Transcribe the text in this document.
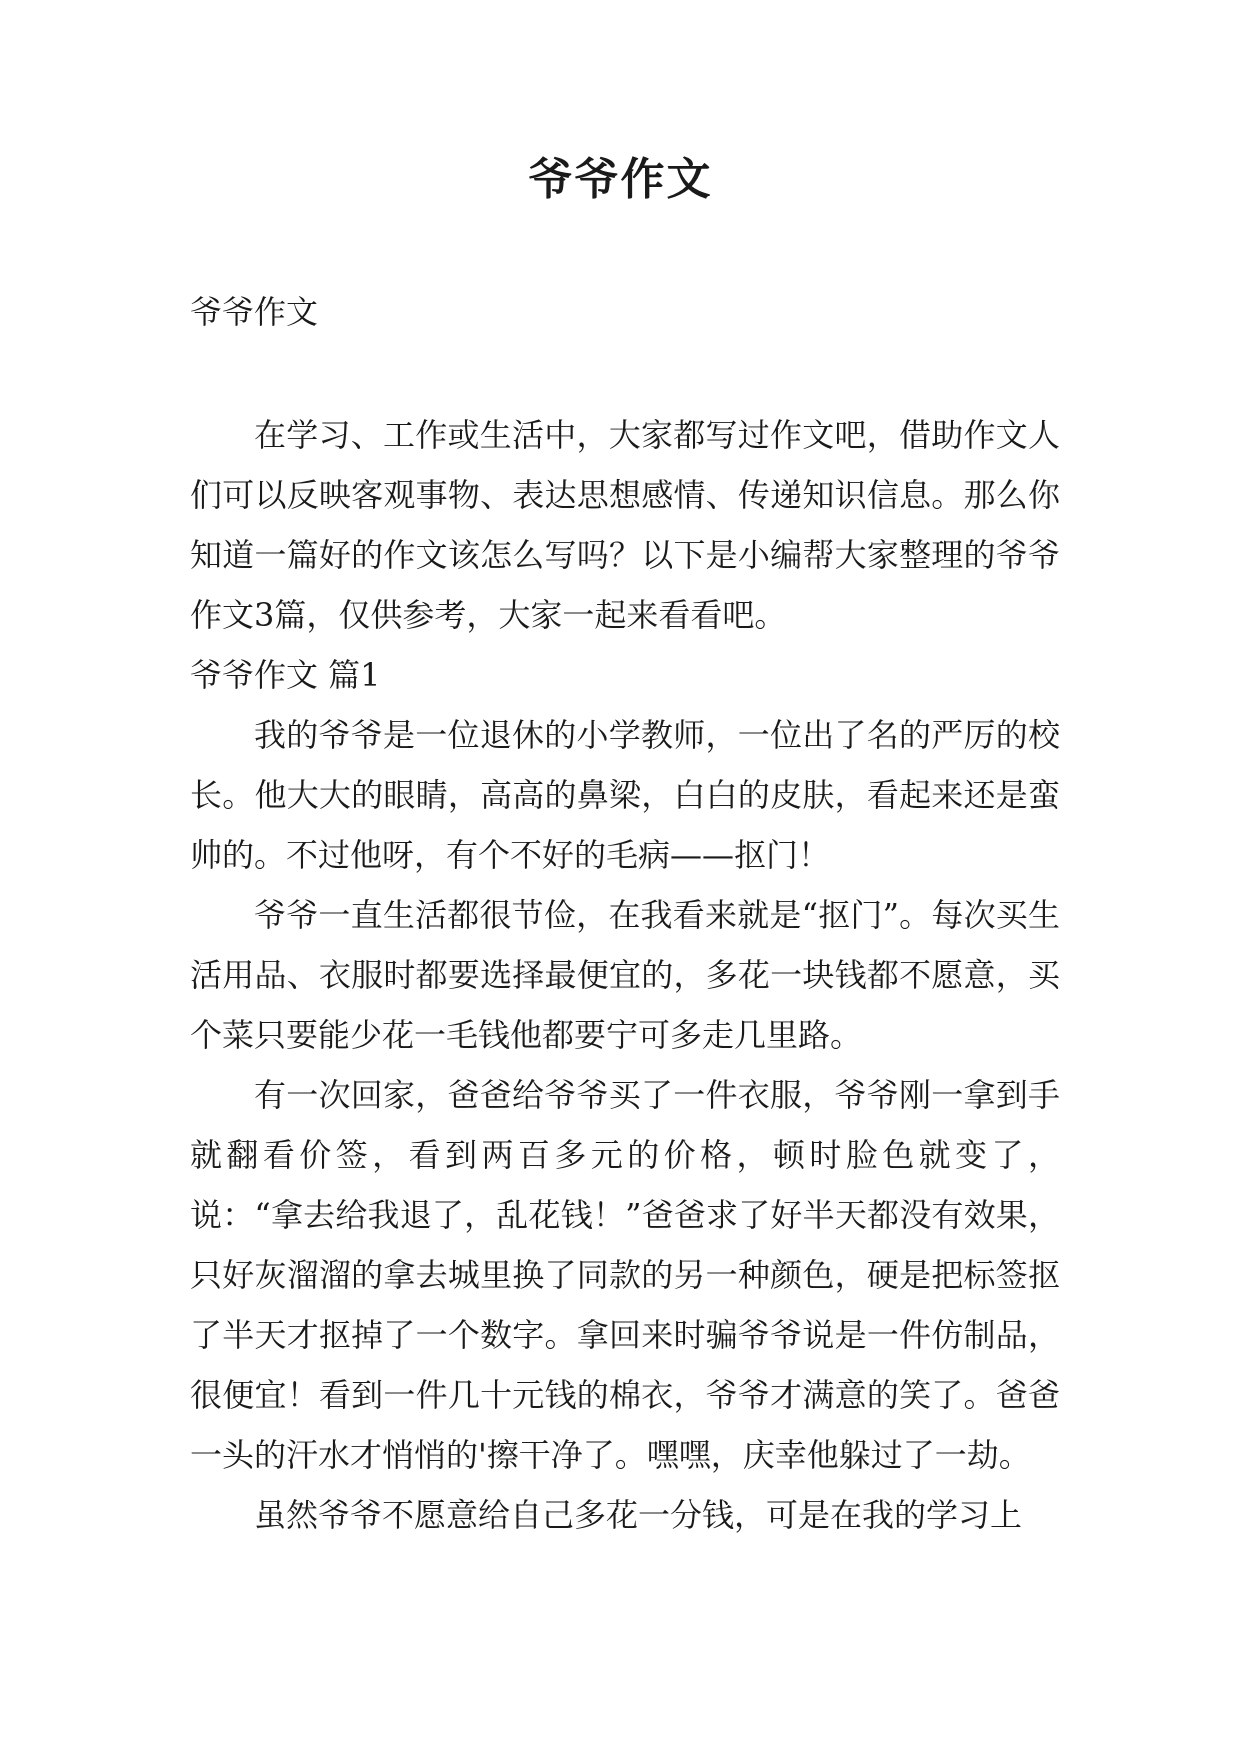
爷爷作文
爷爷作文

在学习、工作或生活中，大家都写过作文吧，借助作文人们可以反映客观事物、表达思想感情、传递知识信息。那么你知道一篇好的作文该怎么写吗？以下是小编帮大家整理的爷爷作文3篇，仅供参考，大家一起来看看吧。

爷爷作文 篇1

我的爷爷是一位退休的小学教师，一位出了名的严厉的校长。他大大的眼睛，高高的鼻梁，白白的皮肤，看起来还是蛮帅的。不过他呀，有个不好的毛病——抠门！

爷爷一直生活都很节俭，在我看来就是“抠门”。每次买生活用品、衣服时都要选择最便宜的，多花一块钱都不愿意，买个菜只要能少花一毛钱他都要宁可多走几里路。

有一次回家，爸爸给爷爷买了一件衣服，爷爷刚一拿到手就翻看价签，看到两百多元的价格，顿时脸色就变了，说：“拿去给我退了，乱花钱！”爸爸求了好半天都没有效果，只好灰溜溜的拿去城里换了同款的另一种颜色，硬是把标签抠了半天才抠掉了一个数字。拿回来时骗爷爷说是一件仿制品，很便宜！看到一件几十元钱的棉衣，爷爷才满意的笑了。爸爸一头的汗水才悄悄的'擦干净了。嘿嘿，庆幸他躲过了一劫。

虽然爷爷不愿意给自己多花一分钱，可是在我的学习上
